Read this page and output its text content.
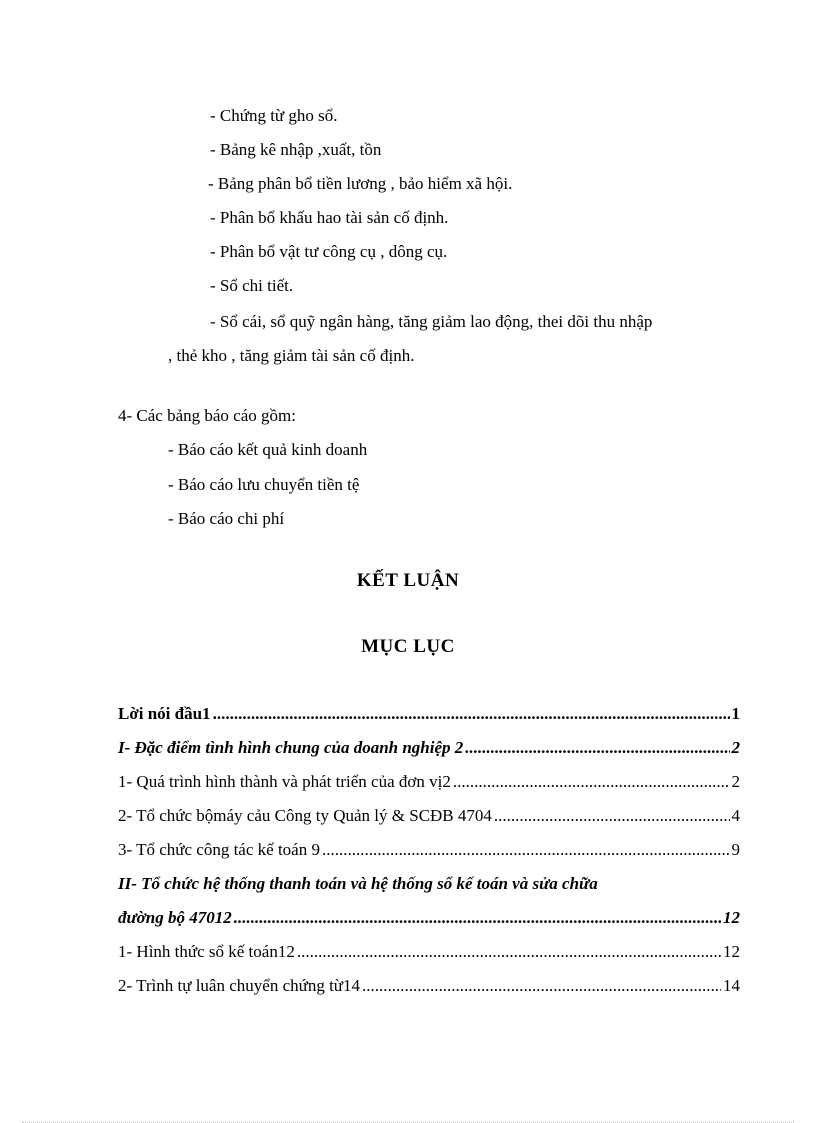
- Chứng từ gho sổ.
- Bảng kê nhập ,xuất, tồn
- Bảng phân bổ tiền lương , bảo hiểm xã hội.
- Phân bổ khấu hao tài sản cố định.
- Phân bổ vật tư công cụ , dông cụ.
- Sổ chi tiết.
- Sổ cái, sổ quỹ ngân hàng, tăng giảm lao động, thei dõi thu nhập
, thẻ kho , tăng giảm tài sản cố định.
4- Các bảng báo cáo gồm:
- Báo cáo kết quả kinh doanh
- Báo cáo lưu chuyển tiền tệ
- Báo cáo chi phí
KẾT LUẬN
MỤC LỤC
Lời nói đầu1 .....	1
I- Đặc điểm tình hình chung của doanh nghiệp 2 .....	2
1- Quá trình hình thành và phát triển của đơn vị2 .....	2
2- Tổ chức bộmáy cảu Công ty Quản lý & SCĐB 4704 .....	4
3- Tổ chức công tác kế toán 9 .....	9
II- Tổ chức hệ thống thanh toán và hệ thống sổ kế toán và sửa chữa
đường bộ 47012 .....	12
1- Hình thức sổ kế toán12 .....	12
2- Trình tự luân chuyển chứng từ14 .....	14
